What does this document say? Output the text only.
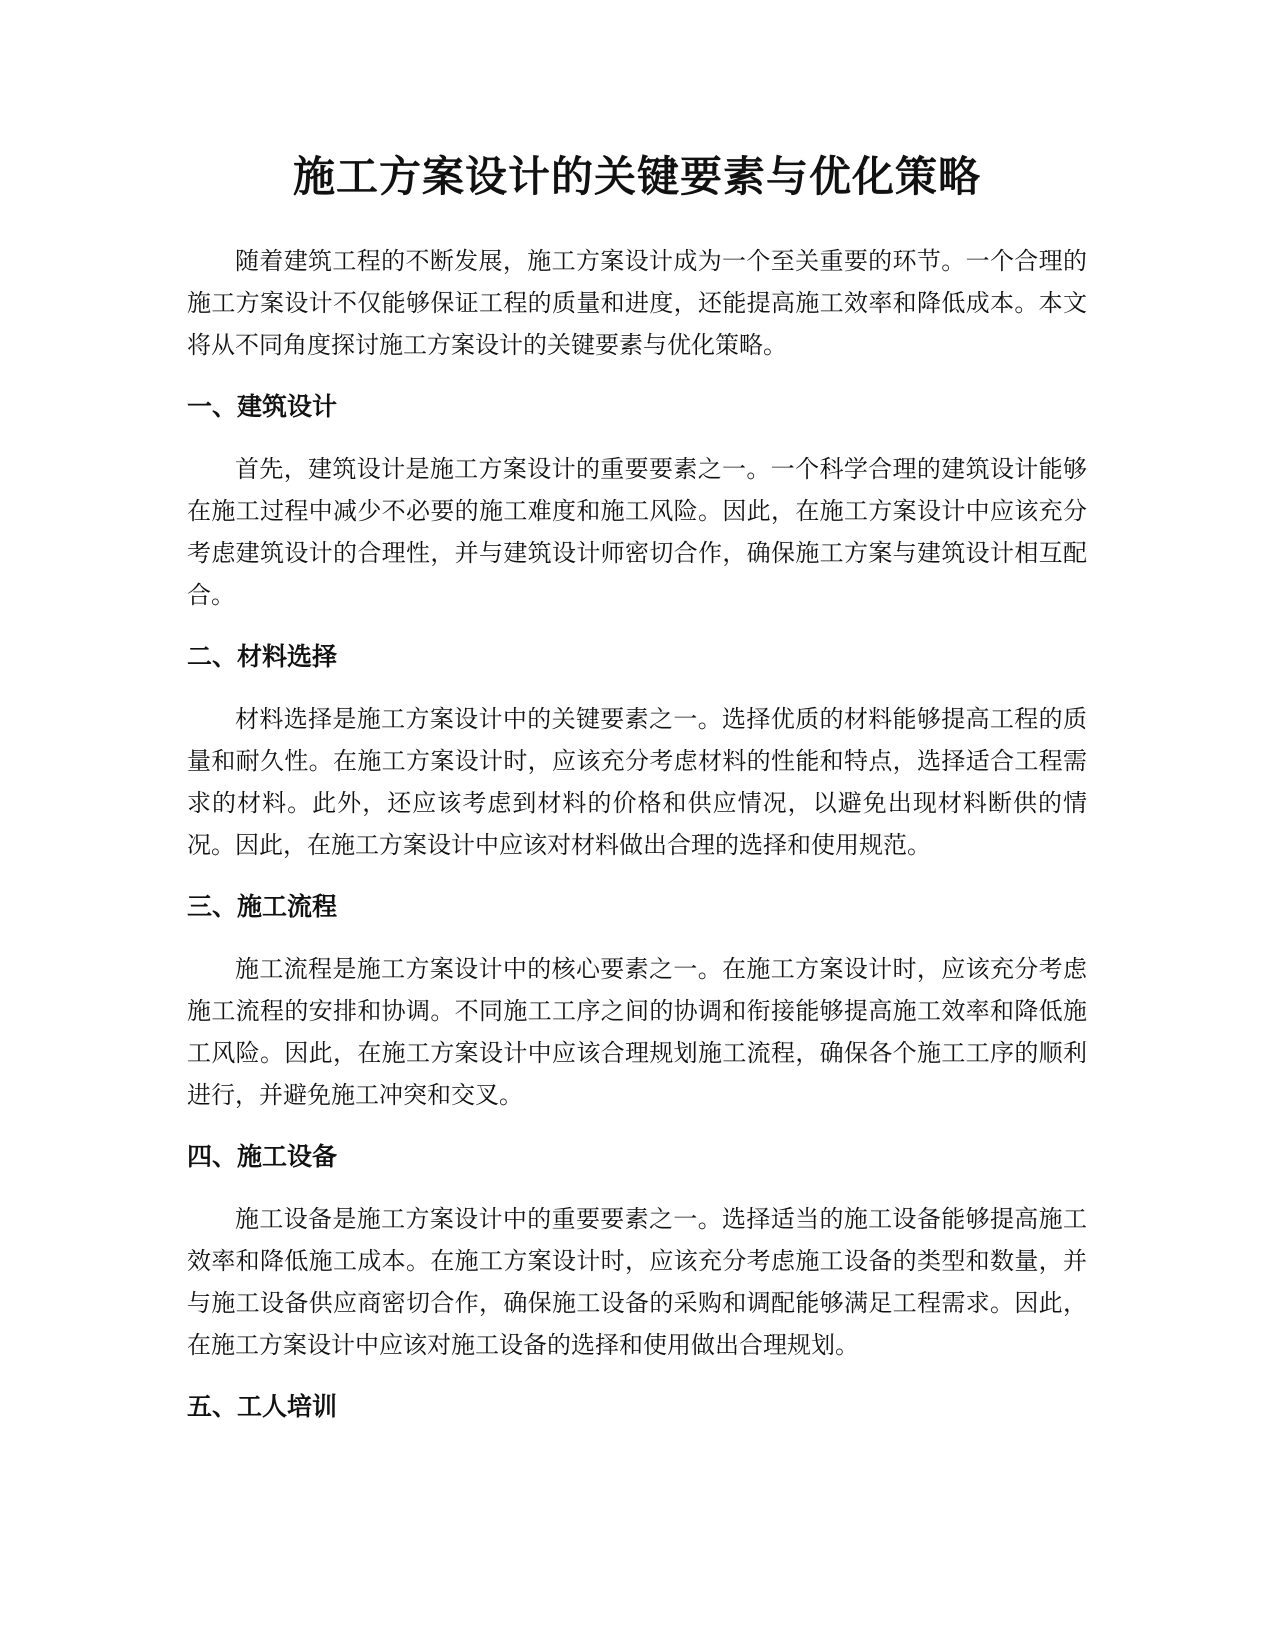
施工方案设计的关键要素与优化策略

随着建筑工程的不断发展，施工方案设计成为一个至关重要的环节。一个合理的施工方案设计不仅能够保证工程的质量和进度，还能提高施工效率和降低成本。本文将从不同角度探讨施工方案设计的关键要素与优化策略。

一、建筑设计

首先，建筑设计是施工方案设计的重要要素之一。一个科学合理的建筑设计能够在施工过程中减少不必要的施工难度和施工风险。因此，在施工方案设计中应该充分考虑建筑设计的合理性，并与建筑设计师密切合作，确保施工方案与建筑设计相互配合。

二、材料选择

材料选择是施工方案设计中的关键要素之一。选择优质的材料能够提高工程的质量和耐久性。在施工方案设计时，应该充分考虑材料的性能和特点，选择适合工程需求的材料。此外，还应该考虑到材料的价格和供应情况，以避免出现材料断供的情况。因此，在施工方案设计中应该对材料做出合理的选择和使用规范。

三、施工流程

施工流程是施工方案设计中的核心要素之一。在施工方案设计时，应该充分考虑施工流程的安排和协调。不同施工工序之间的协调和衔接能够提高施工效率和降低施工风险。因此，在施工方案设计中应该合理规划施工流程，确保各个施工工序的顺利进行，并避免施工冲突和交叉。

四、施工设备

施工设备是施工方案设计中的重要要素之一。选择适当的施工设备能够提高施工效率和降低施工成本。在施工方案设计时，应该充分考虑施工设备的类型和数量，并与施工设备供应商密切合作，确保施工设备的采购和调配能够满足工程需求。因此，在施工方案设计中应该对施工设备的选择和使用做出合理规划。

五、工人培训
